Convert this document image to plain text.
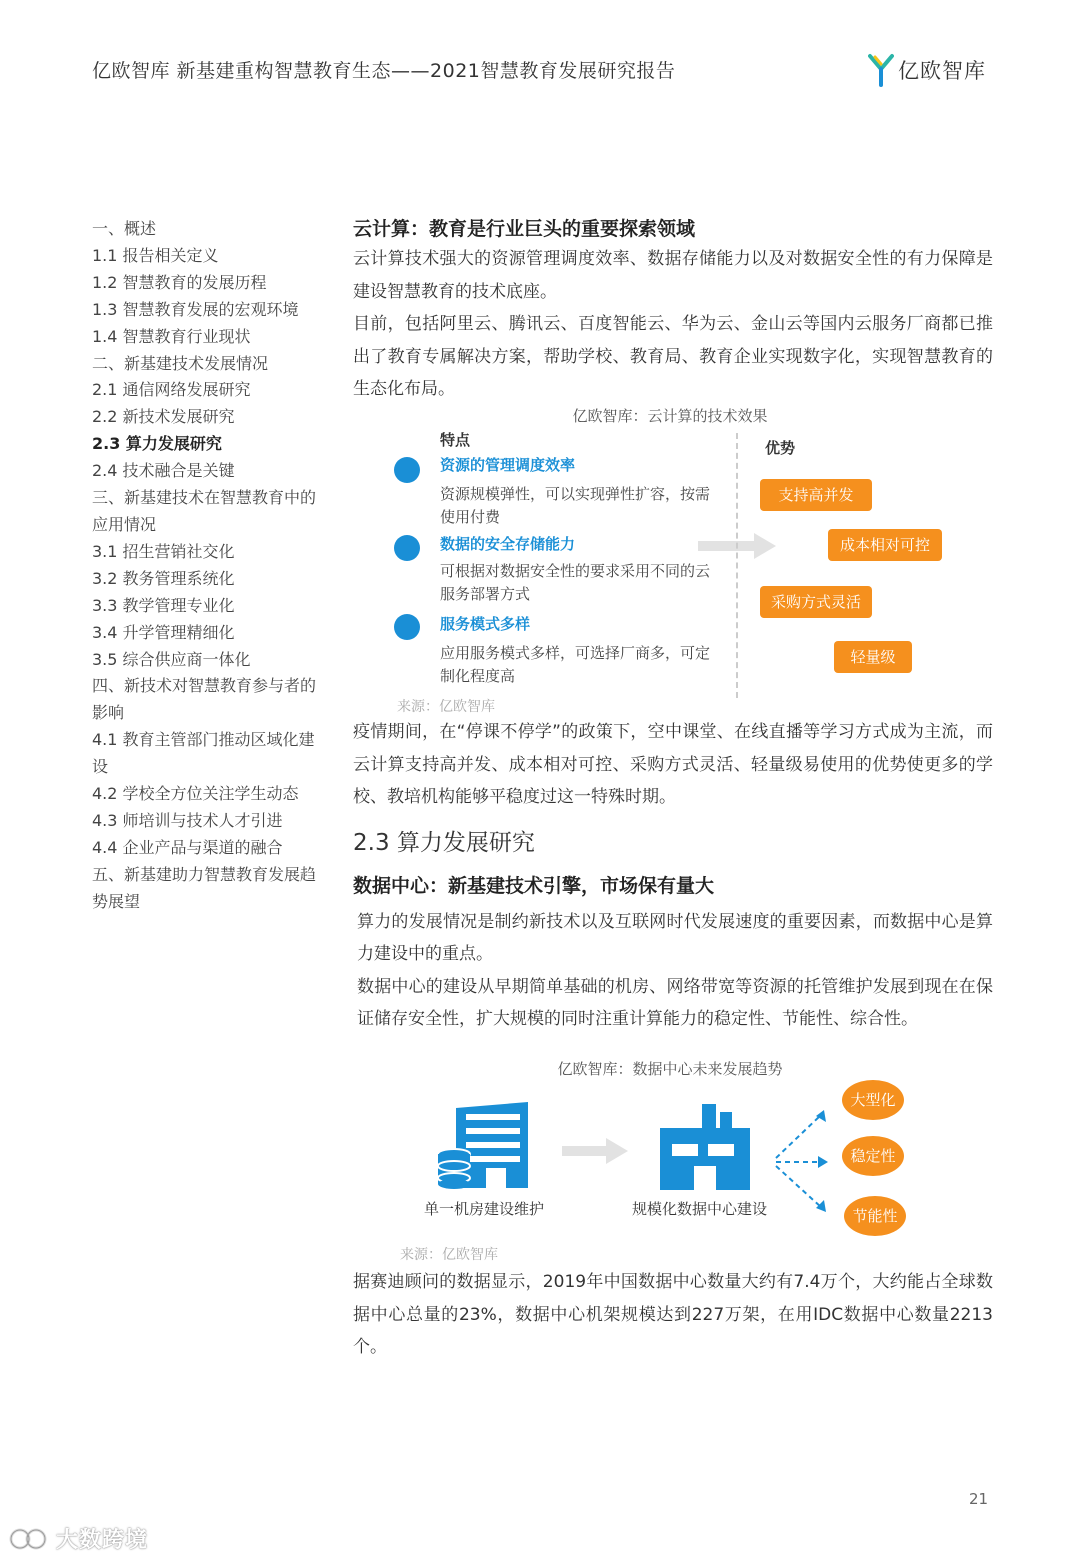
亿欧智库 新基建重构智慧教育生态——2021智慧教育发展研究报告	亿欧智库
一、概述
1.1 报告相关定义
1.2 智慧教育的发展历程
1.3 智慧教育发展的宏观环境
1.4 智慧教育行业现状
二、新基建技术发展情况
2.1 通信网络发展研究
2.2 新技术发展研究
2.3 算力发展研究
2.4 技术融合是关键
三、新基建技术在智慧教育中的应用情况
3.1 招生营销社交化
3.2 教务管理系统化
3.3 教学管理专业化
3.4 升学管理精细化
3.5 综合供应商一体化
四、新技术对智慧教育参与者的影响
4.1 教育主管部门推动区域化建设
4.2 学校全方位关注学生动态
4.3 师培训与技术人才引进
4.4 企业产品与渠道的融合
五、新基建助力智慧教育发展趋势展望
云计算：教育是行业巨头的重要探索领域
云计算技术强大的资源管理调度效率、数据存储能力以及对数据安全性的有力保障是建设智慧教育的技术底座。
目前，包括阿里云、腾讯云、百度智能云、华为云、金山云等国内云服务厂商都已推出了教育专属解决方案，帮助学校、教育局、教育企业实现数字化，实现智慧教育的生态化布局。
亿欧智库：云计算的技术效果
特点	优势
资源的管理调度效率
资源规模弹性，可以实现弹性扩容，按需使用付费
数据的安全存储能力
可根据对数据安全性的要求采用不同的云服务部署方式
服务模式多样
应用服务模式多样，可选择厂商多，可定制化程度高
支持高并发
成本相对可控
采购方式灵活
轻量级
来源：亿欧智库
疫情期间，在“停课不停学”的政策下，空中课堂、在线直播等学习方式成为主流，而云计算支持高并发、成本相对可控、采购方式灵活、轻量级易使用的优势使更多的学校、教培机构能够平稳度过这一特殊时期。
2.3 算力发展研究
数据中心：新基建技术引擎，市场保有量大
算力的发展情况是制约新技术以及互联网时代发展速度的重要因素，而数据中心是算力建设中的重点。
数据中心的建设从早期简单基础的机房、网络带宽等资源的托管维护发展到现在在保证储存安全性，扩大规模的同时注重计算能力的稳定性、节能性、综合性。
亿欧智库：数据中心未来发展趋势
单一机房建设维护	规模化数据中心建设
大型化
稳定性
节能性
来源：亿欧智库
据赛迪顾问的数据显示，2019年中国数据中心数量大约有7.4万个，大约能占全球数据中心总量的23%，数据中心机架规模达到227万架，在用IDC数据中心数量2213个。
21
大数跨境
